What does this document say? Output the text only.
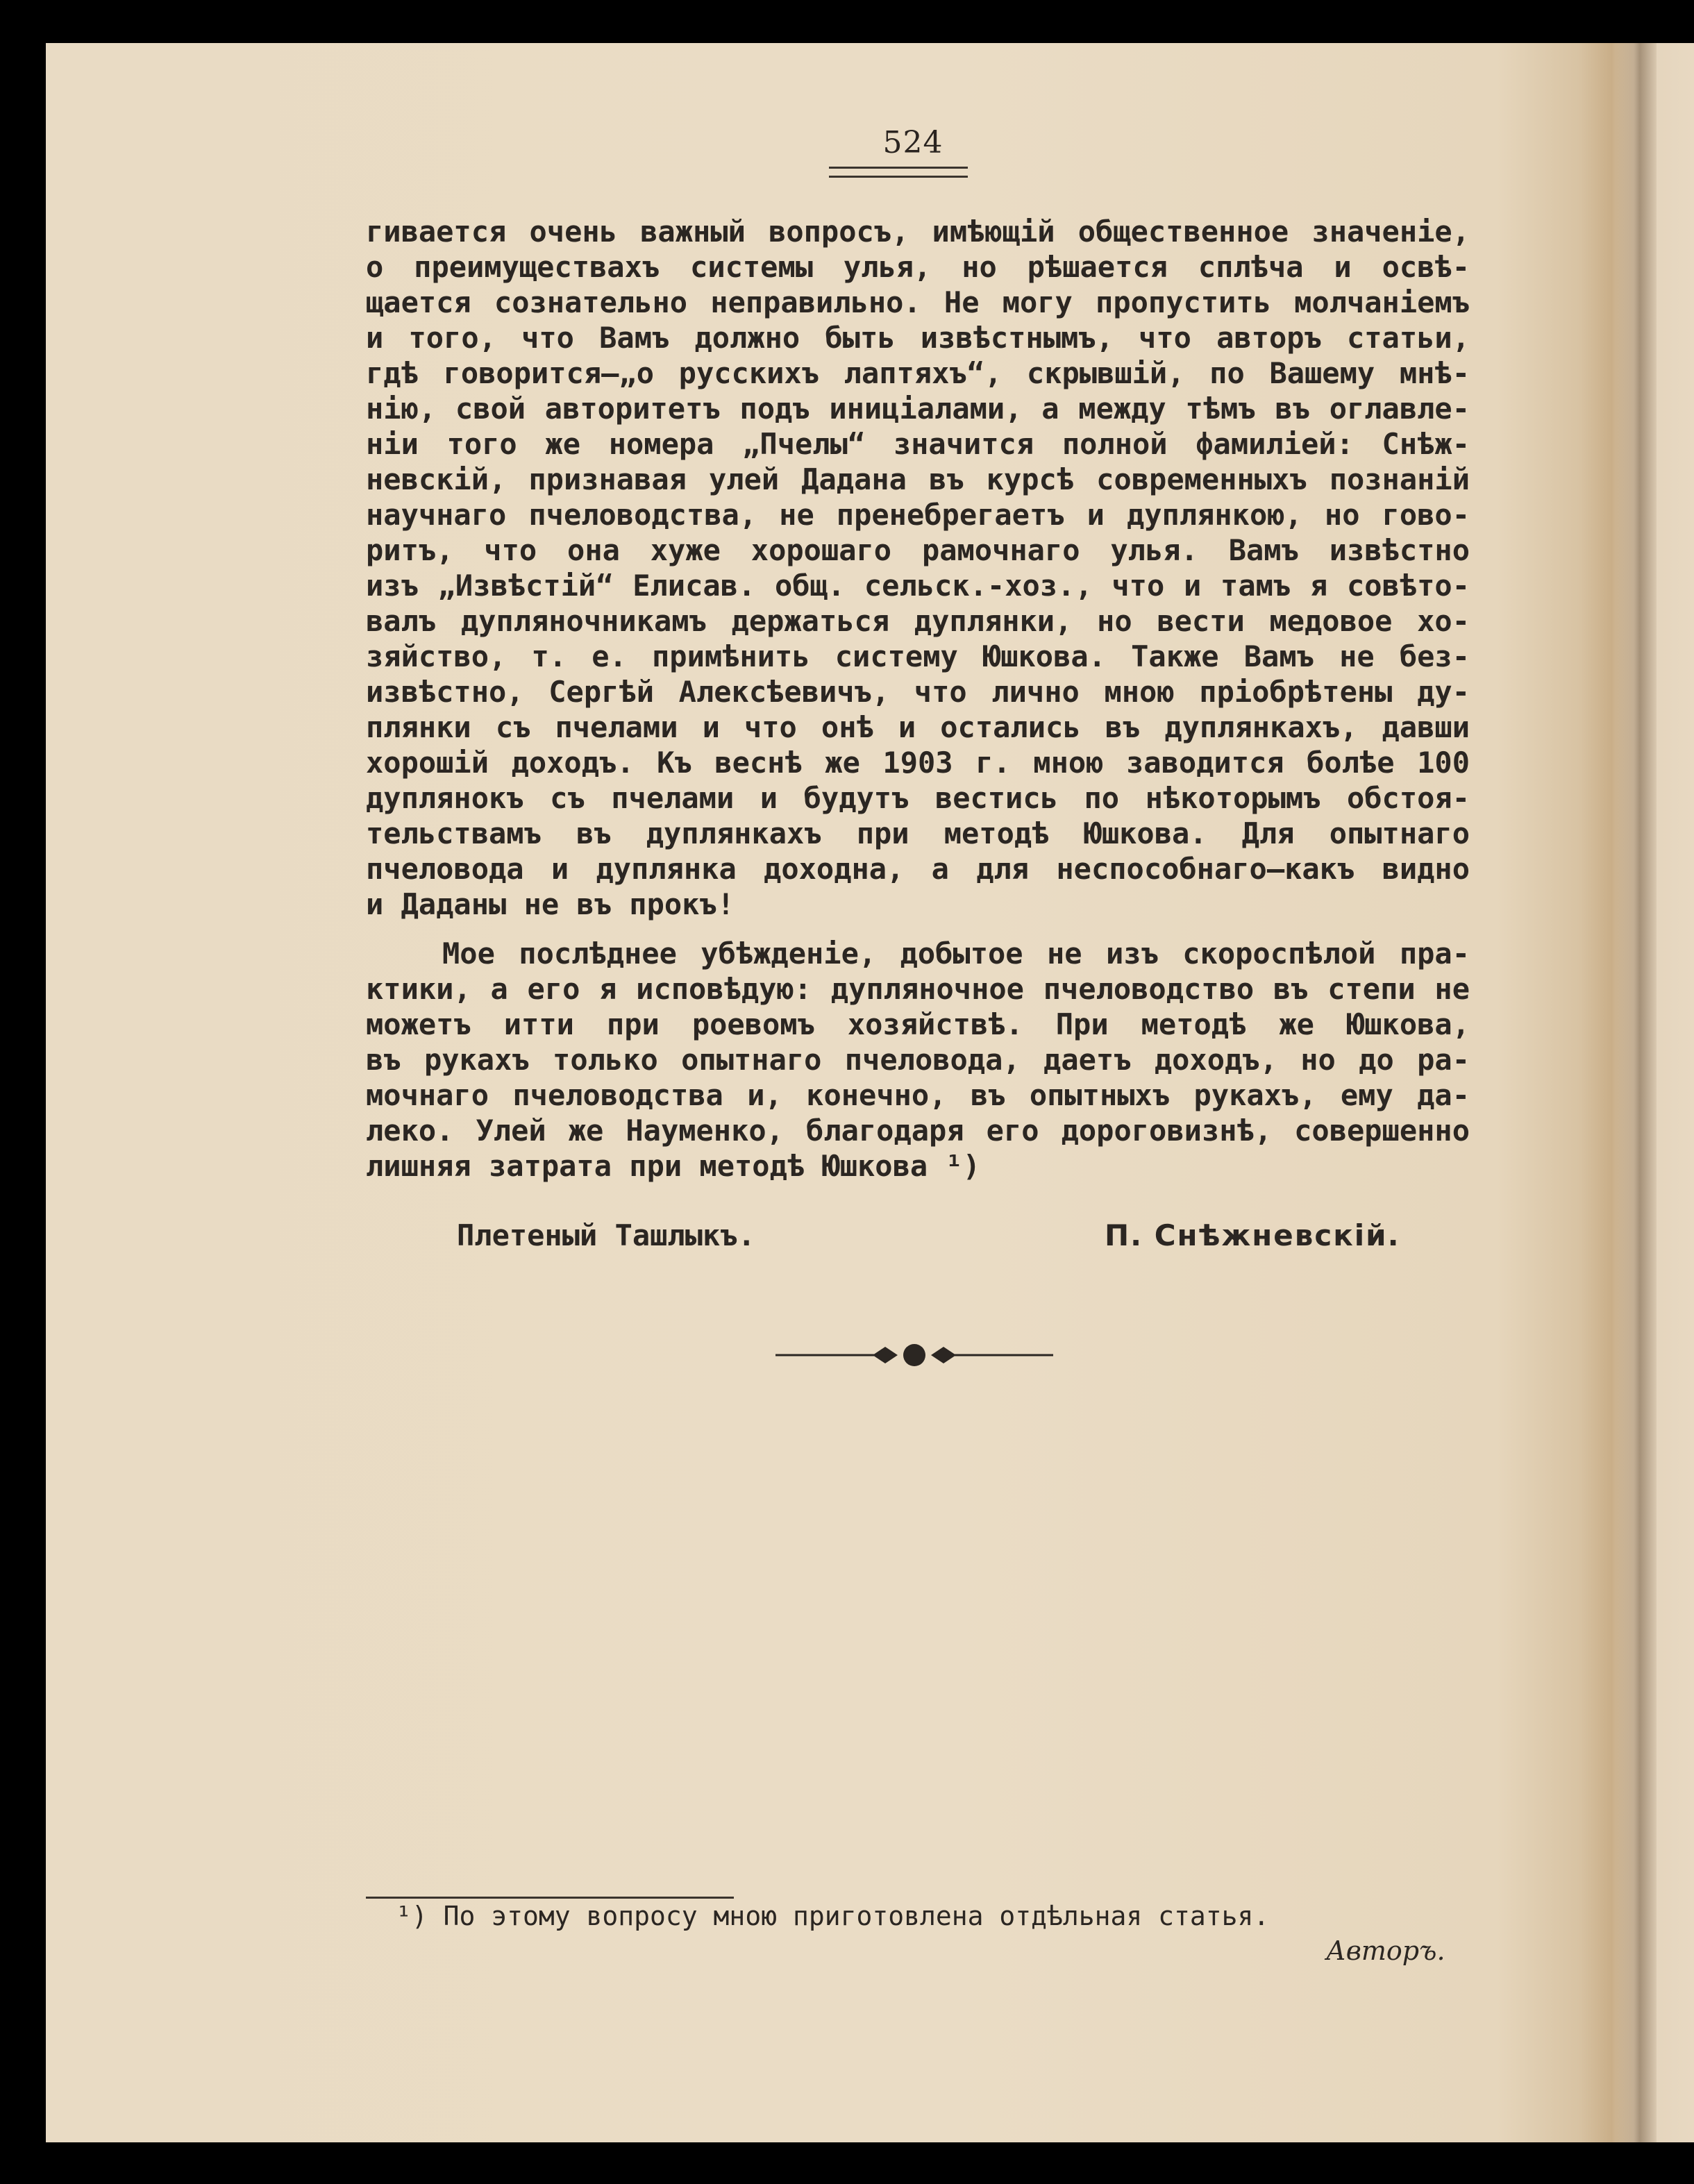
524
гивается очень важный вопросъ, имѣющій общественное значеніе,
о преимуществахъ системы улья, но рѣшается сплѣча и освѣ-
щается сознательно неправильно. Не могу пропустить молчаніемъ
и того, что Вамъ должно быть извѣстнымъ, что авторъ статьи,
гдѣ говорится—„о русскихъ лаптяхъ“, скрывшій, по Вашему мнѣ-
нію, свой авторитетъ подъ иниціалами, а между тѣмъ въ оглавле-
ніи того же номера „Пчелы“ значится полной фамиліей: Снѣж-
невскій, признавая улей Дадана въ курсѣ современныхъ познаній
научнаго пчеловодства, не пренебрегаетъ и дуплянкою, но гово-
ритъ, что она хуже хорошаго рамочнаго улья. Вамъ извѣстно
изъ „Извѣстій“ Елисав. общ. сельск.-хоз., что и тамъ я совѣто-
валъ дупляночникамъ держаться дуплянки, но вести медовое хо-
зяйство, т. е. примѣнить систему Юшкова. Также Вамъ не без-
извѣстно, Сергѣй Алексѣевичъ, что лично мною пріобрѣтены ду-
плянки съ пчелами и что онѣ и остались въ дуплянкахъ, давши
хорошій доходъ. Къ веснѣ же 1903 г. мною заводится болѣе 100
дуплянокъ съ пчелами и будутъ вестись по нѣкоторымъ обстоя-
тельствамъ въ дуплянкахъ при методѣ Юшкова. Для опытнаго
пчеловода и дуплянка доходна, а для неспособнаго—какъ видно
и Даданы не въ прокъ!
Мое послѣднее убѣжденіе, добытое не изъ скороспѣлой пра-
ктики, а его я исповѣдую: дупляночное пчеловодство въ степи не
можетъ итти при роевомъ хозяйствѣ. При методѣ же Юшкова,
въ рукахъ только опытнаго пчеловода, даетъ доходъ, но до ра-
мочнаго пчеловодства и, конечно, въ опытныхъ рукахъ, ему да-
леко. Улей же Науменко, благодаря его дороговизнѣ, совершенно
лишняя затрата при методѣ Юшкова ¹)
Плетеный Ташлыкъ.	П. Снѣжневскій.
¹) По этому вопросу мною приготовлена отдѣльная статья.
Авторъ.
